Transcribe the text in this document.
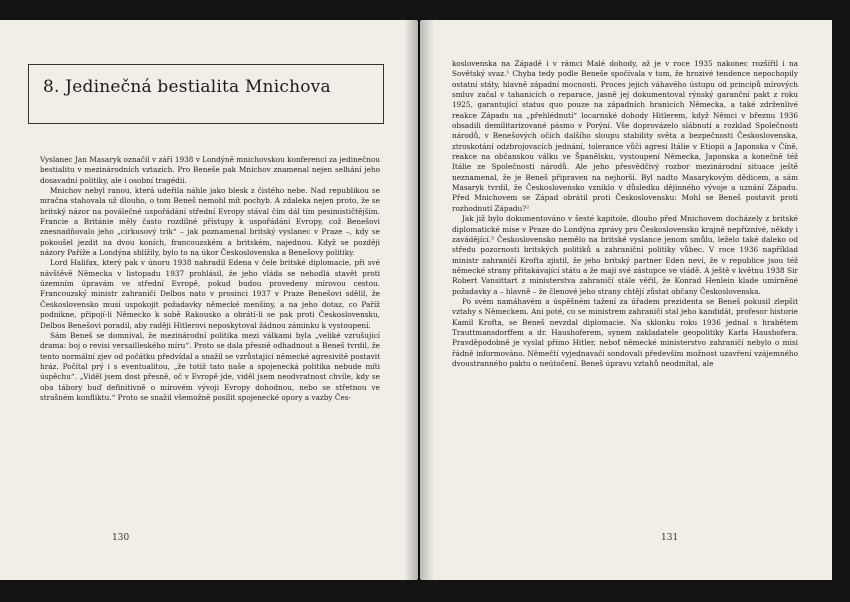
8. Jedinečná bestialita Mnichova

Vyslanec Jan Masaryk označil v září 1938 v Londýně mnichovskou konferenci za jedinečnou bestialitu v mezinárodních vztazích. Pro Beneše pak Mnichov znamenal nejen selhání jeho dosavadní politiky, ale i osobní tragédii.

Mnichov nebyl ranou, která udeřila náhle jako blesk z čistého nebe. Nad republikou se mračna stahovala už dlouho, o tom Beneš nemohl mít pochyb. A zdaleka nejen proto, že se britský názor na poválečné uspořádání střední Evropy stával čím dál tím pesimističtějším. Francie a Británie měly často rozdílné přístupy k uspořádání Evropy, což Benešovi znesnadňovalo jeho „cirkusový trik“ – jak poznamenal britský vyslanec v Praze –, kdy se pokoušel jezdit na dvou koních, francouzském a britském, najednou. Když se později názory Paříže a Londýna sblížily, bylo to na úkor Československa a Benešovy politiky.

Lord Halifax, který pak v únoru 1938 nahradil Edena v čele britské diplomacie, při své návštěvě Německa v listopadu 1937 prohlásil, že jeho vláda se nehodlá stavět proti územním úpravám ve střední Evropě, pokud budou provedeny mírovou cestou. Francouzský ministr zahraničí Delbos nato v prosinci 1937 v Praze Benešovi sdělil, že Československo musí uspokojit požadavky německé menšiny, a na jeho dotaz, co Paříž podnikne, připojí-li Německo k sobě Rakousko a obrátí-li se pak proti Československu, Delbos Benešovi poradil, aby raději Hitlerovi neposkytoval žádnou záminku k vystoupení.

Sám Beneš se domníval, že mezinárodní politika mezi válkami byla „veliké vzrušující drama: boj o revisi versailleského míru“. Proto se dala přesně odhadnout a Beneš tvrdil, že tento normální zjev od počátku předvídal a snažil se vzrůstající německé agresivitě postavit hráz. Počítal prý i s eventualitou, „že totiž tato naše a spojenecká politika nebude míti úspěchu“. „Viděl jsem dost přesně, oč v Evropě jde, viděl jsem neodvratnost chvíle, kdy se oba tábory buď definitivně o mírovém vývoji Evropy dohodnou, nebo se střetnou ve strašném konfliktu.“ Proto se snažil všemožně posílit spojenecké opory a vazby Čes-

koslovenska na Západě i v rámci Malé dohody, až je v roce 1935 nakonec rozšířil i na Sovětský svaz.¹ Chyba tedy podle Beneše spočívala v tom, že hrozivé tendence nepochopily ostatní státy, hlavně západní mocnosti. Proces jejich váhavého ústupu od principů mírových smluv začal v tahanicích o reparace, jasně jej dokumentoval rýnský garanční pakt z roku 1925, garantující status quo pouze na západních hranicích Německa, a také zdrženlivé reakce Západu na „přehlédnutí“ locarnské dohody Hitlerem, když Němci v březnu 1936 obsadili demilitarizované pásmo v Porýní. Vše doprovázelo slábnutí a rozklad Společnosti národů, v Benešových očích dalšího sloupu stability světa a bezpečnosti Československa, ztroskotání odzbrojovacích jednání, tolerance vůči agresi Itálie v Etiopii a Japonska v Číně, reakce na občanskou válku ve Španělsku, vystoupení Německa, Japonska a konečně též Itálie ze Společnosti národů. Ale jeho přesvědčivý rozbor mezinárodní situace ještě neznamenal, že je Beneš připraven na nejhorší. Byl nadto Masarykovým dědicem, a sám Masaryk tvrdil, že Československo vzniklo v důsledku dějinného vývoje a uznání Západu. Před Mnichovem se Západ obrátil proti Československu: Mohl se Beneš postavit proti rozhodnutí Západu?²

Jak již bylo dokumentováno v šesté kapitole, dlouho před Mnichovem docházely z britské diplomatické mise v Praze do Londýna zprávy pro Československo krajně nepříznivé, někdy i zavádějící.³ Československo nemělo na britské vyslance jenom smůlu, leželo také daleko od středu pozornosti britských politiků a zahraniční politiky vůbec. V roce 1936 například ministr zahraničí Krofta zjistil, že jeho britský partner Eden neví, že v republice jsou též německé strany přitakávající státu a že mají své zástupce ve vládě. A ještě v květnu 1938 Sir Robert Vansittart z ministerstva zahraničí stále věřil, že Konrad Henlein klade umírněné požadavky a – hlavně – že členové jeho strany chtějí zůstat občany Československa.

Po svém namáhavém a úspěšném tažení za úřadem prezidenta se Beneš pokusil zlepšit vztahy s Německem. Ani poté, co se ministrem zahraničí stal jeho kandidát, profesor historie Kamil Krofta, se Beneš nevzdal diplomacie. Na sklonku roku 1936 jednal s hrabětem Trauttmansdorffem a dr. Haushoferem, synem zakladatele geopolitiky Karla Haushofera. Pravděpodobně je vyslal přímo Hitler, neboť německé ministerstvo zahraničí nebylo o misi řádně informováno. Němečtí vyjednavači sondovali především možnost uzavření vzájemného dvoustranného paktu o neútočení. Beneš úpravu vztahů neodmítal, ale

130	131
